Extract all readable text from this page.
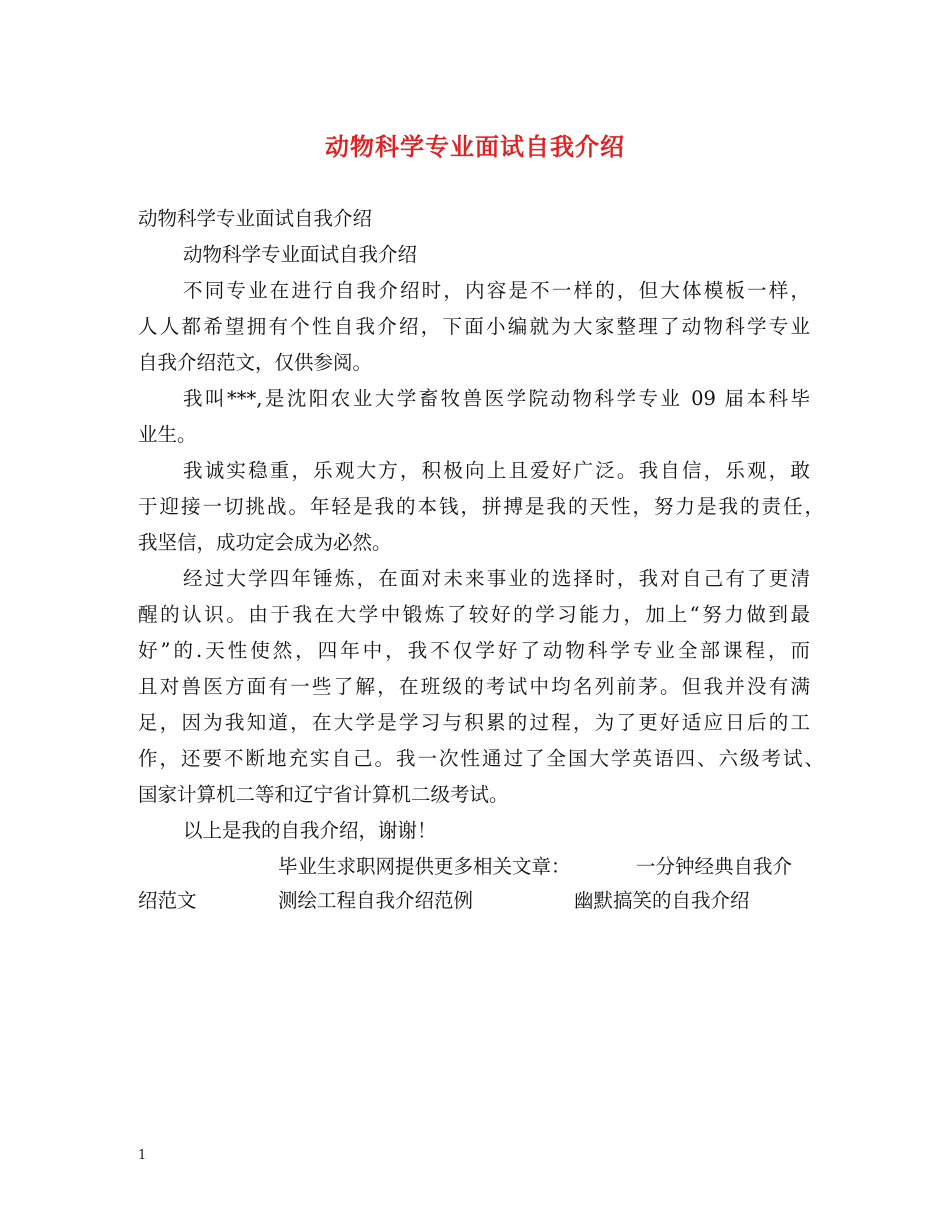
动物科学专业面试自我介绍
动物科学专业面试自我介绍
动物科学专业面试自我介绍
不同专业在进行自我介绍时，内容是不一样的，但大体模板一样，
人人都希望拥有个性自我介绍，下面小编就为大家整理了动物科学专业
自我介绍范文，仅供参阅。
我叫***,是沈阳农业大学畜牧兽医学院动物科学专业 09 届本科毕
业生。
我诚实稳重，乐观大方，积极向上且爱好广泛。我自信，乐观，敢
于迎接一切挑战。年轻是我的本钱，拼搏是我的天性，努力是我的责任，
我坚信，成功定会成为必然。
经过大学四年锤炼，在面对未来事业的选择时，我对自己有了更清
醒的认识。由于我在大学中锻炼了较好的学习能力，加上“努力做到最
好”的.天性使然，四年中，我不仅学好了动物科学专业全部课程，而
且对兽医方面有一些了解，在班级的考试中均名列前茅。但我并没有满
足，因为我知道，在大学是学习与积累的过程，为了更好适应日后的工
作，还要不断地充实自己。我一次性通过了全国大学英语四、六级考试、
国家计算机二等和辽宁省计算机二级考试。
以上是我的自我介绍，谢谢！
毕业生求职网提供更多相关文章：	一分钟经典自我介
绍范文	测绘工程自我介绍范例	幽默搞笑的自我介绍
1
